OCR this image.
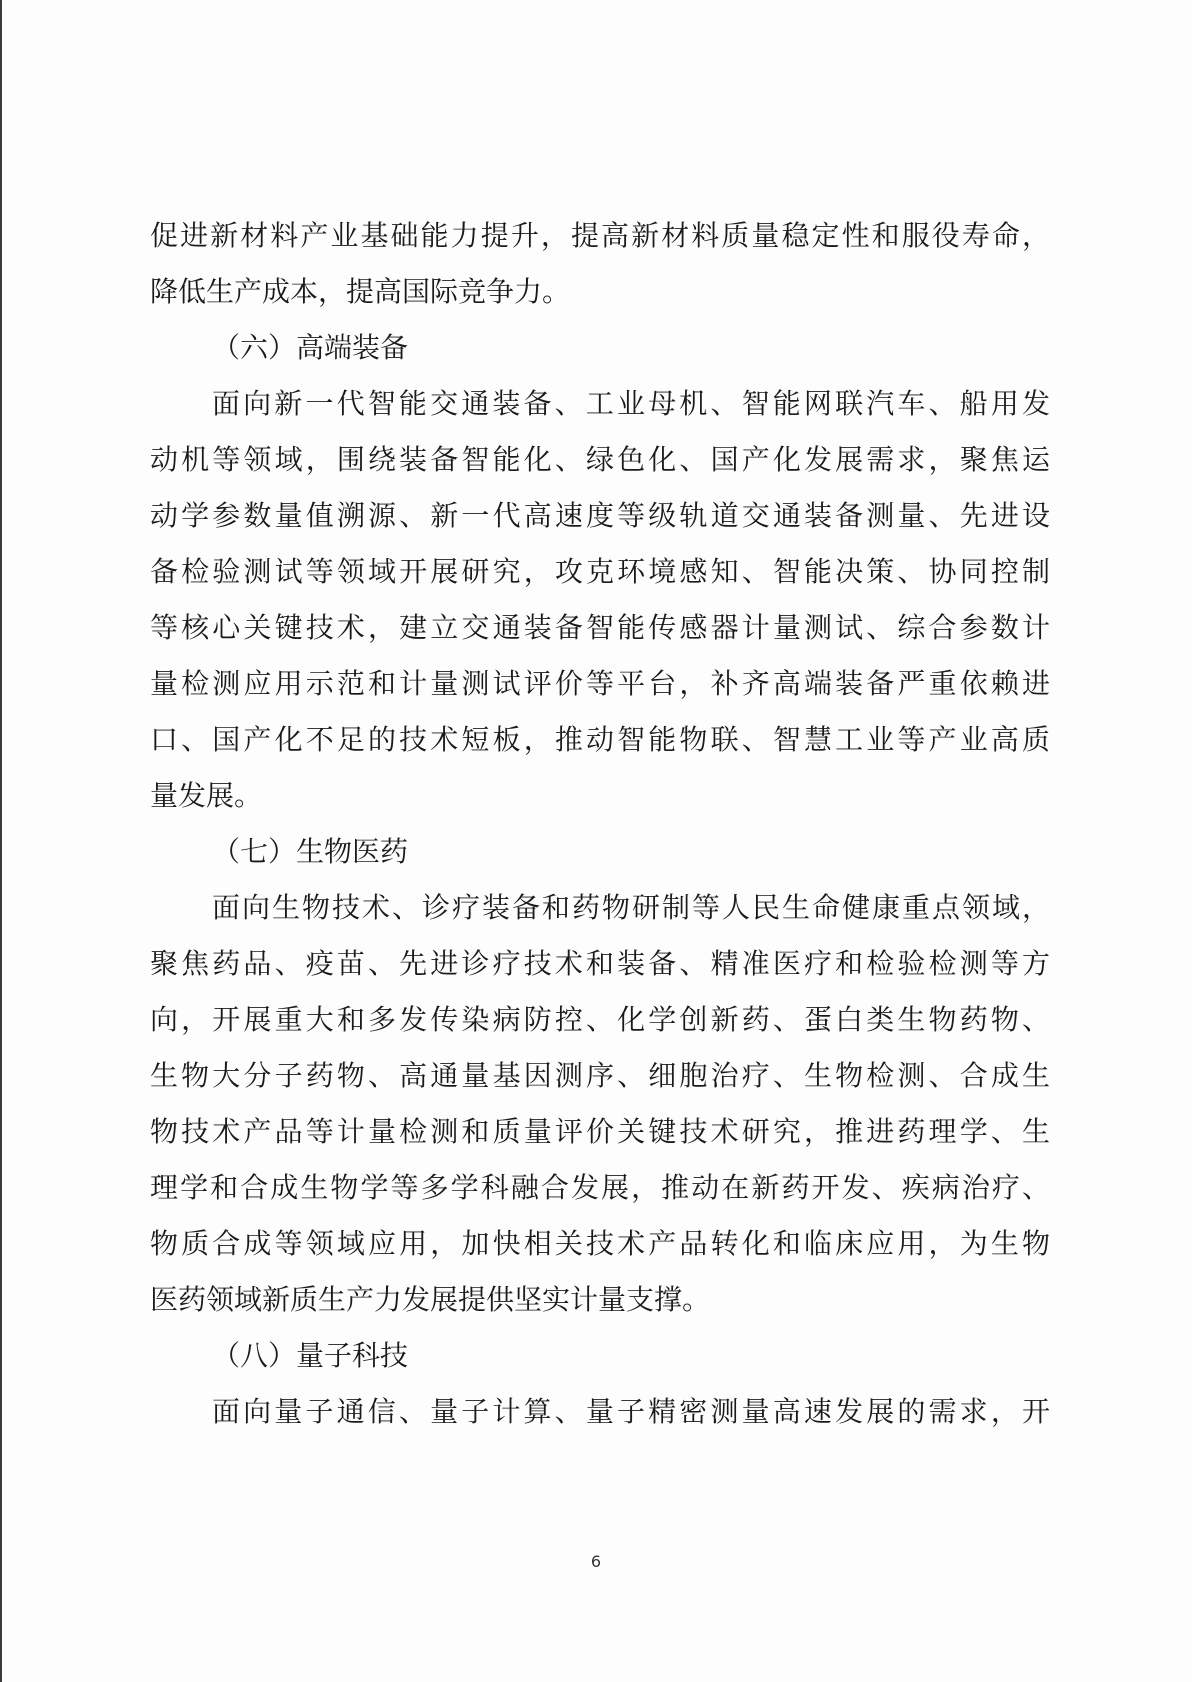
促进新材料产业基础能力提升，提高新材料质量稳定性和服役寿命，
降低生产成本，提高国际竞争力。
（六）高端装备
面向新一代智能交通装备、工业母机、智能网联汽车、船用发
动机等领域，围绕装备智能化、绿色化、国产化发展需求，聚焦运
动学参数量值溯源、新一代高速度等级轨道交通装备测量、先进设
备检验测试等领域开展研究，攻克环境感知、智能决策、协同控制
等核心关键技术，建立交通装备智能传感器计量测试、综合参数计
量检测应用示范和计量测试评价等平台，补齐高端装备严重依赖进
口、国产化不足的技术短板，推动智能物联、智慧工业等产业高质
量发展。
（七）生物医药
面向生物技术、诊疗装备和药物研制等人民生命健康重点领域，
聚焦药品、疫苗、先进诊疗技术和装备、精准医疗和检验检测等方
向，开展重大和多发传染病防控、化学创新药、蛋白类生物药物、
生物大分子药物、高通量基因测序、细胞治疗、生物检测、合成生
物技术产品等计量检测和质量评价关键技术研究，推进药理学、生
理学和合成生物学等多学科融合发展，推动在新药开发、疾病治疗、
物质合成等领域应用，加快相关技术产品转化和临床应用，为生物
医药领域新质生产力发展提供坚实计量支撑。
（八）量子科技
面向量子通信、量子计算、量子精密测量高速发展的需求，开
6
